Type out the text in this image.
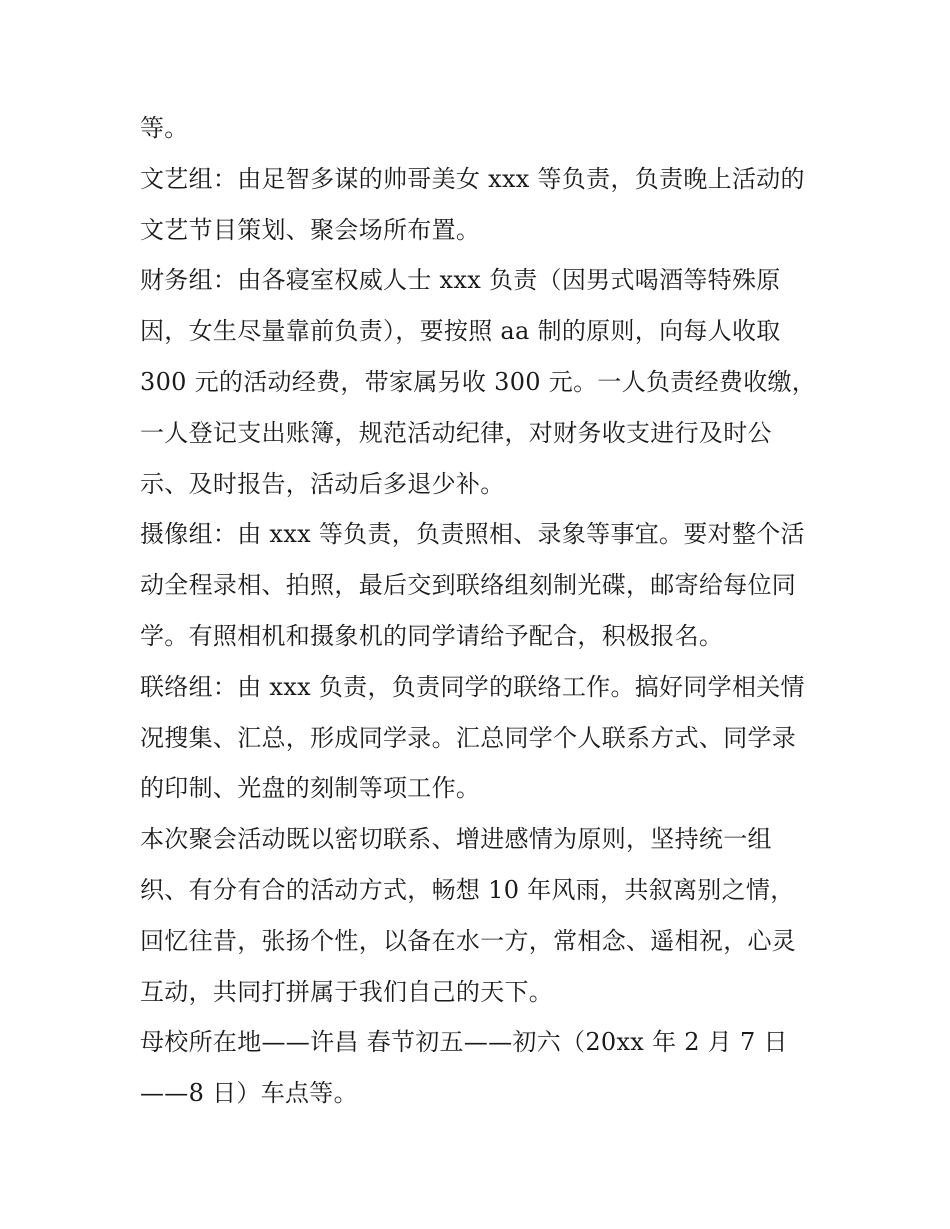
等。
文艺组：由足智多谋的帅哥美女 xxx 等负责，负责晚上活动的
文艺节目策划、聚会场所布置。
财务组：由各寝室权威人士 xxx 负责（因男式喝酒等特殊原
因，女生尽量靠前负责），要按照 aa 制的原则，向每人收取
300 元的活动经费，带家属另收 300 元。一人负责经费收缴，
一人登记支出账簿，规范活动纪律，对财务收支进行及时公
示、及时报告，活动后多退少补。
摄像组：由 xxx 等负责，负责照相、录象等事宜。要对整个活
动全程录相、拍照，最后交到联络组刻制光碟，邮寄给每位同
学。有照相机和摄象机的同学请给予配合，积极报名。
联络组：由 xxx 负责，负责同学的联络工作。搞好同学相关情
况搜集、汇总，形成同学录。汇总同学个人联系方式、同学录
的印制、光盘的刻制等项工作。
本次聚会活动既以密切联系、增进感情为原则，坚持统一组
织、有分有合的活动方式，畅想 10 年风雨，共叙离别之情，
回忆往昔，张扬个性，以备在水一方，常相念、遥相祝，心灵
互动，共同打拼属于我们自己的天下。
母校所在地——许昌 春节初五——初六（20xx 年 2 月 7 日
——8 日）车点等。
